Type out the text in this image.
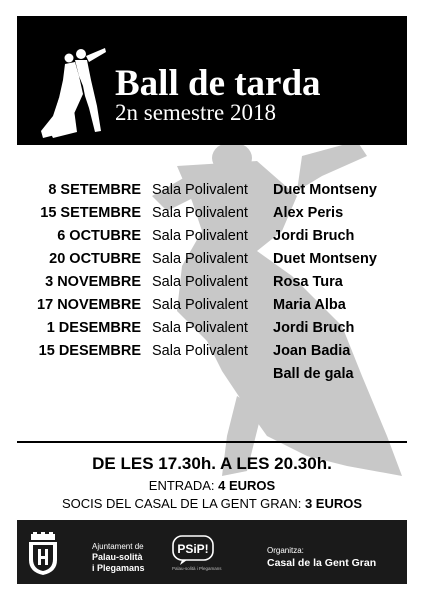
Ball de tarda
2n semestre 2018
8 SETEMBRE Sala Polivalent Duet Montseny
15 SETEMBRE Sala Polivalent Alex Peris
6 OCTUBRE Sala Polivalent Jordi Bruch
20 OCTUBRE Sala Polivalent Duet Montseny
3 NOVEMBRE Sala Polivalent Rosa Tura
17 NOVEMBRE Sala Polivalent Maria Alba
1 DESEMBRE Sala Polivalent Jordi Bruch
15 DESEMBRE Sala Polivalent Joan Badia
Ball de gala
DE LES 17.30h. A LES 20.30h.
ENTRADA: 4 EUROS
SOCIS DEL CASAL DE LA GENT GRAN: 3 EUROS
Ajuntament de
Palau-solità
i Plegamans
PSiP!
Palau-solità i Plegamans
Organitza:
Casal de la Gent Gran
